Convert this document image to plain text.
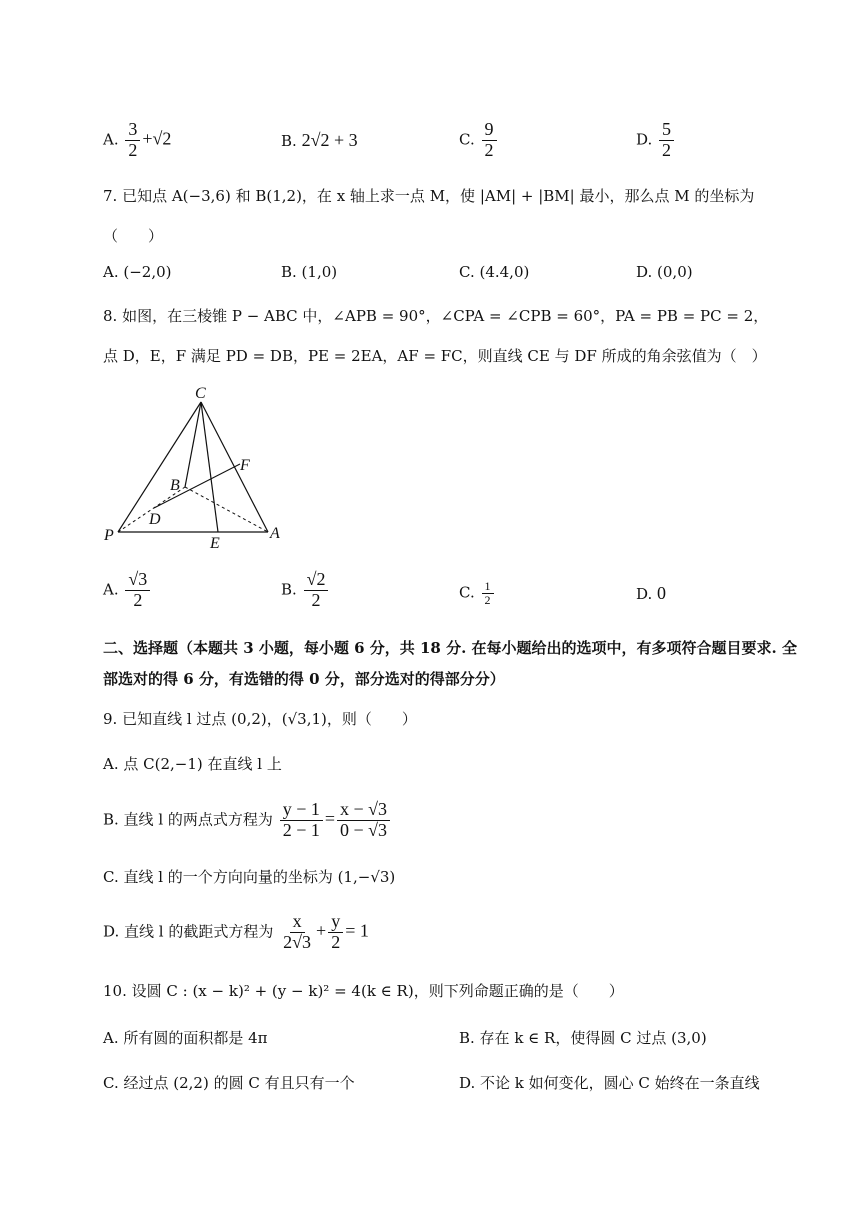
A. $\frac{3}{2} +√2$	B. 2√2 + 3	C. $\frac{9}{2}$	D. $\frac{5}{2}$
7. 已知点 A(−3,6) 和 B(1,2)，在 x 轴上求一点 M，使 |AM| + |BM| 最小，那么点 M 的坐标为
（　　）
A. (−2,0)	B. (1,0)	C. (4.4,0)	D. (0,0)
8. 如图，在三棱锥 P − ABC 中，∠APB = 90°，∠CPA = ∠CPB = 60°，PA = PB = PC = 2，
点 D，E，F 满足 PD = DB，PE = 2EA，AF = FC，则直线 CE 与 DF 所成的角余弦值为（　）
C
F
B
D
P	E
A
A. $\frac{√3}{2}$	B. $\frac{√2}{2}$	C. $\frac{1}{2}$	D. 0
二、选择题（本题共 3 小题，每小题 6 分，共 18 分. 在每小题给出的选项中，有多项符合题目要求. 全
部选对的得 6 分，有选错的得 0 分，部分选对的得部分分）
9. 已知直线 l 过点 (0,2)，(√3,1)，则（　　）
A. 点 C(2,−1) 在直线 l 上
B. 直线 l 的两点式方程为 $\frac{y - 1}{2 - 1} = \frac{x - √3}{0 - √3}$
C. 直线 l 的一个方向向量的坐标为 (1,−√3)
D. 直线 l 的截距式方程为 $\frac{x}{2√3} + \frac{y}{2} = 1$
10. 设圆 C : (x − k)² + (y − k)² = 4(k ∈ R)，则下列命题正确的是（　　）
A. 所有圆的面积都是 4π	B. 存在 k ∈ R，使得圆 C 过点 (3,0)
C. 经过点 (2,2) 的圆 C 有且只有一个	D. 不论 k 如何变化，圆心 C 始终在一条直线
